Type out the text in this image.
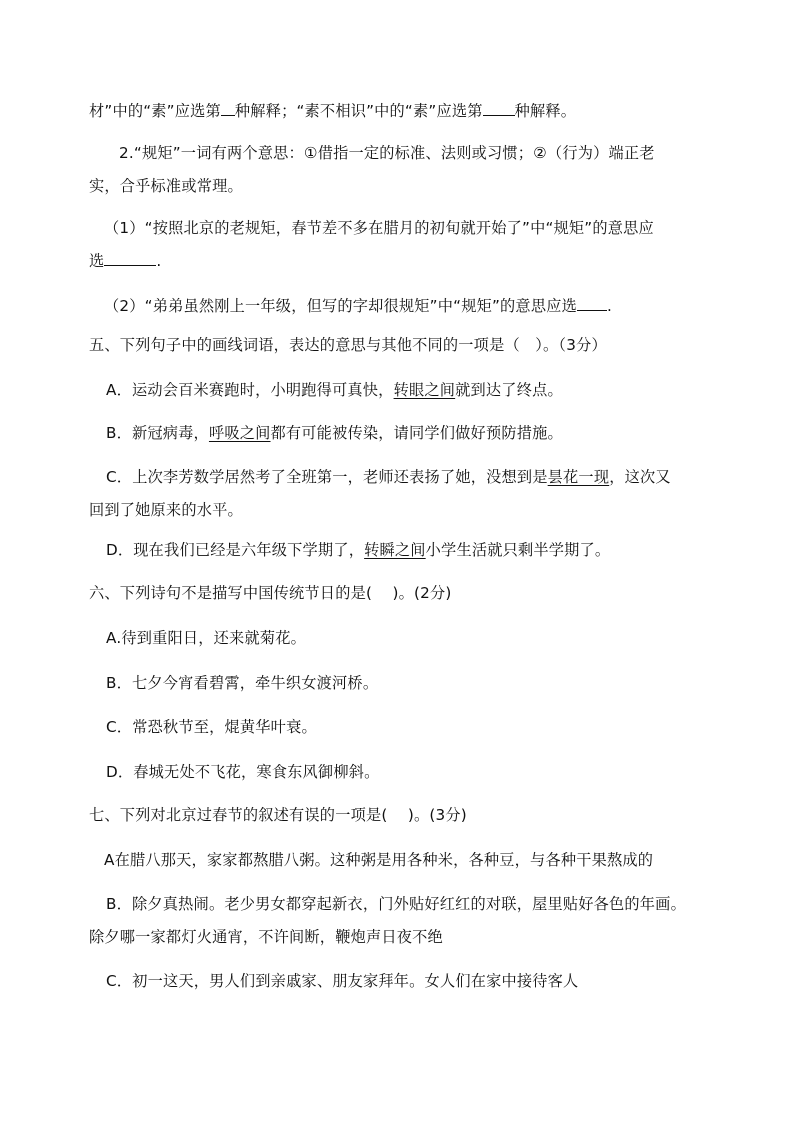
材”中的“素”应选第 种解释；“素不相识”中的“素”应选第 种解释。
2.“规矩”一词有两个意思：①借指一定的标准、法则或习惯；②（行为）端正老
实，合乎标准或常理。
（1）“按照北京的老规矩，春节差不多在腊月的初旬就开始了”中“规矩”的意思应
选	.
（2）“弟弟虽然刚上一年级，但写的字却很规矩”中“规矩”的意思应选 .
五、下列句子中的画线词语，表达的意思与其他不同的一项是（　）。（3分）
A．运动会百米赛跑时，小明跑得可真快，转眼之间就到达了终点。
B．新冠病毒，呼吸之间都有可能被传染，请同学们做好预防措施。
C．上次李芳数学居然考了全班第一，老师还表扬了她，没想到是昙花一现，这次又
回到了她原来的水平。
D．现在我们已经是六年级下学期了，转瞬之间小学生活就只剩半学期了。
六、下列诗句不是描写中国传统节日的是(　 )。(2分)
A.待到重阳日，还来就菊花。
B．七夕今宵看碧霄，牵牛织女渡河桥。
C．常恐秋节至，焜黄华叶衰。
D．春城无处不飞花，寒食东风御柳斜。
七、下列对北京过春节的叙述有误的一项是(　 )。(3分)
A在腊八那天，家家都熬腊八粥。这种粥是用各种米，各种豆，与各种干果熬成的
B．除夕真热闹。老少男女都穿起新衣，门外贴好红红的对联，屋里贴好各色的年画。
除夕哪一家都灯火通宵，不许间断，鞭炮声日夜不绝
C．初一这天，男人们到亲戚家、朋友家拜年。女人们在家中接待客人
